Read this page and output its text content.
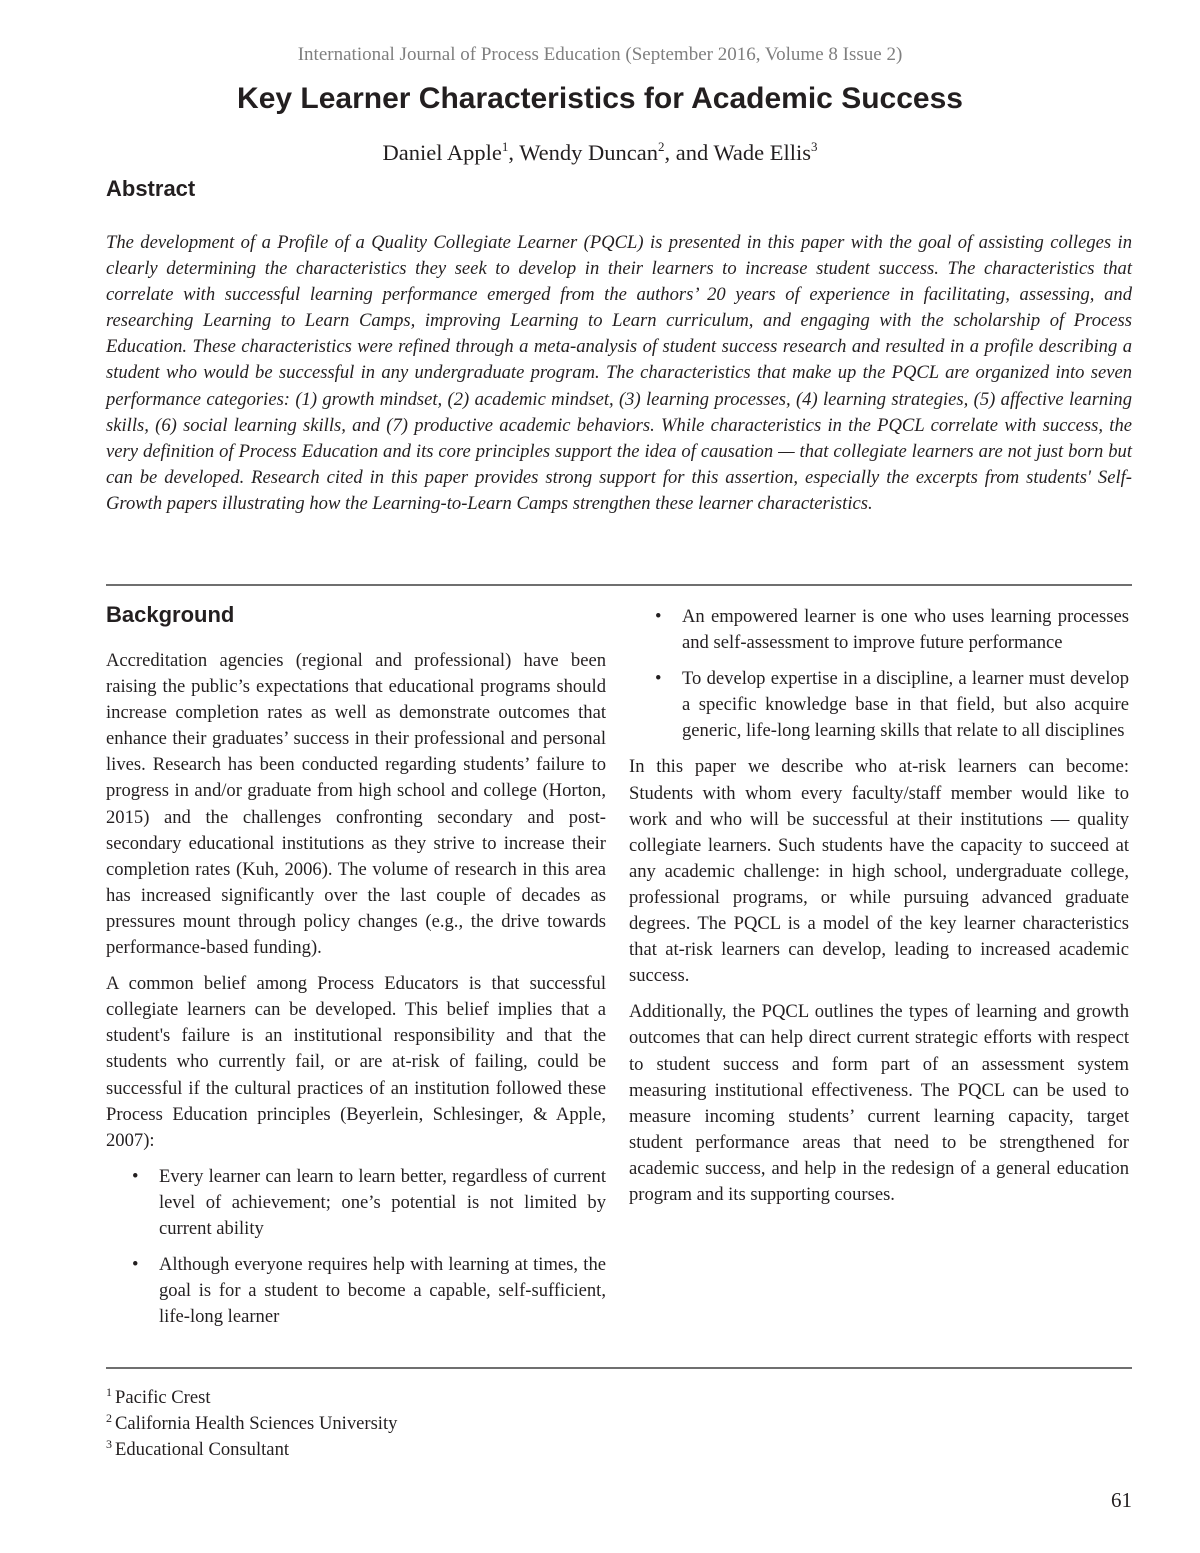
International Journal of Process Education (September 2016, Volume 8 Issue 2)
Key Learner Characteristics for Academic Success
Daniel Apple$^1$, Wendy Duncan$^2$, and Wade Ellis$^3$
Abstract

The development of a Profile of a Quality Collegiate Learner (PQCL) is presented in this paper with the goal of assisting colleges in clearly determining the characteristics they seek to develop in their learners to increase student success. The characteristics that correlate with successful learning performance emerged from the authors’ 20 years of experience in facilitating, assessing, and researching Learning to Learn Camps, improving Learning to Learn curriculum, and engaging with the scholarship of Process Education. These characteristics were refined through a meta-analysis of student success research and resulted in a profile describing a student who would be successful in any undergraduate program. The characteristics that make up the PQCL are organized into seven performance categories: (1) growth mindset, (2) academic mindset, (3) learning processes, (4) learning strategies, (5) affective learning skills, (6) social learning skills, and (7) productive academic behaviors. While characteristics in the PQCL correlate with success, the very definition of Process Education and its core principles support the idea of causation — that collegiate learners are not just born but can be developed. Research cited in this paper provides strong support for this assertion, especially the excerpts from students' Self-Growth papers illustrating how the Learning-to-Learn Camps strengthen these learner characteristics.

Background

Accreditation agencies (regional and professional) have been raising the public’s expectations that educational programs should increase completion rates as well as demonstrate outcomes that enhance their graduates’ success in their professional and personal lives. Research has been conducted regarding students’ failure to progress in and/or graduate from high school and college (Horton, 2015) and the challenges confronting secondary and post-secondary educational institutions as they strive to increase their completion rates (Kuh, 2006). The volume of research in this area has increased significantly over the last couple of decades as pressures mount through policy changes (e.g., the drive towards performance-based funding).

A common belief among Process Educators is that successful collegiate learners can be developed. This belief implies that a student's failure is an institutional responsibility and that the students who currently fail, or are at-risk of failing, could be successful if the cultural practices of an institution followed these Process Education principles (Beyerlein, Schlesinger, & Apple, 2007):

• Every learner can learn to learn better, regardless of current level of achievement; one’s potential is not limited by current ability
• Although everyone requires help with learning at times, the goal is for a student to become a capable, self-sufficient, life-long learner
• An empowered learner is one who uses learning processes and self-assessment to improve future performance
• To develop expertise in a discipline, a learner must develop a specific knowledge base in that field, but also acquire generic, life-long learning skills that relate to all disciplines

In this paper we describe who at-risk learners can become: Students with whom every faculty/staff member would like to work and who will be successful at their institutions — quality collegiate learners. Such students have the capacity to succeed at any academic challenge: in high school, undergraduate college, professional programs, or while pursuing advanced graduate degrees. The PQCL is a model of the key learner characteristics that at-risk learners can develop, leading to increased academic success.

Additionally, the PQCL outlines the types of learning and growth outcomes that can help direct current strategic efforts with respect to student success and form part of an assessment system measuring institutional effectiveness. The PQCL can be used to measure incoming students’ current learning capacity, target student performance areas that need to be strengthened for academic success, and help in the redesign of a general education program and its supporting courses.

$^1$ Pacific Crest
$^2$ California Health Sciences University
$^3$ Educational Consultant
61
